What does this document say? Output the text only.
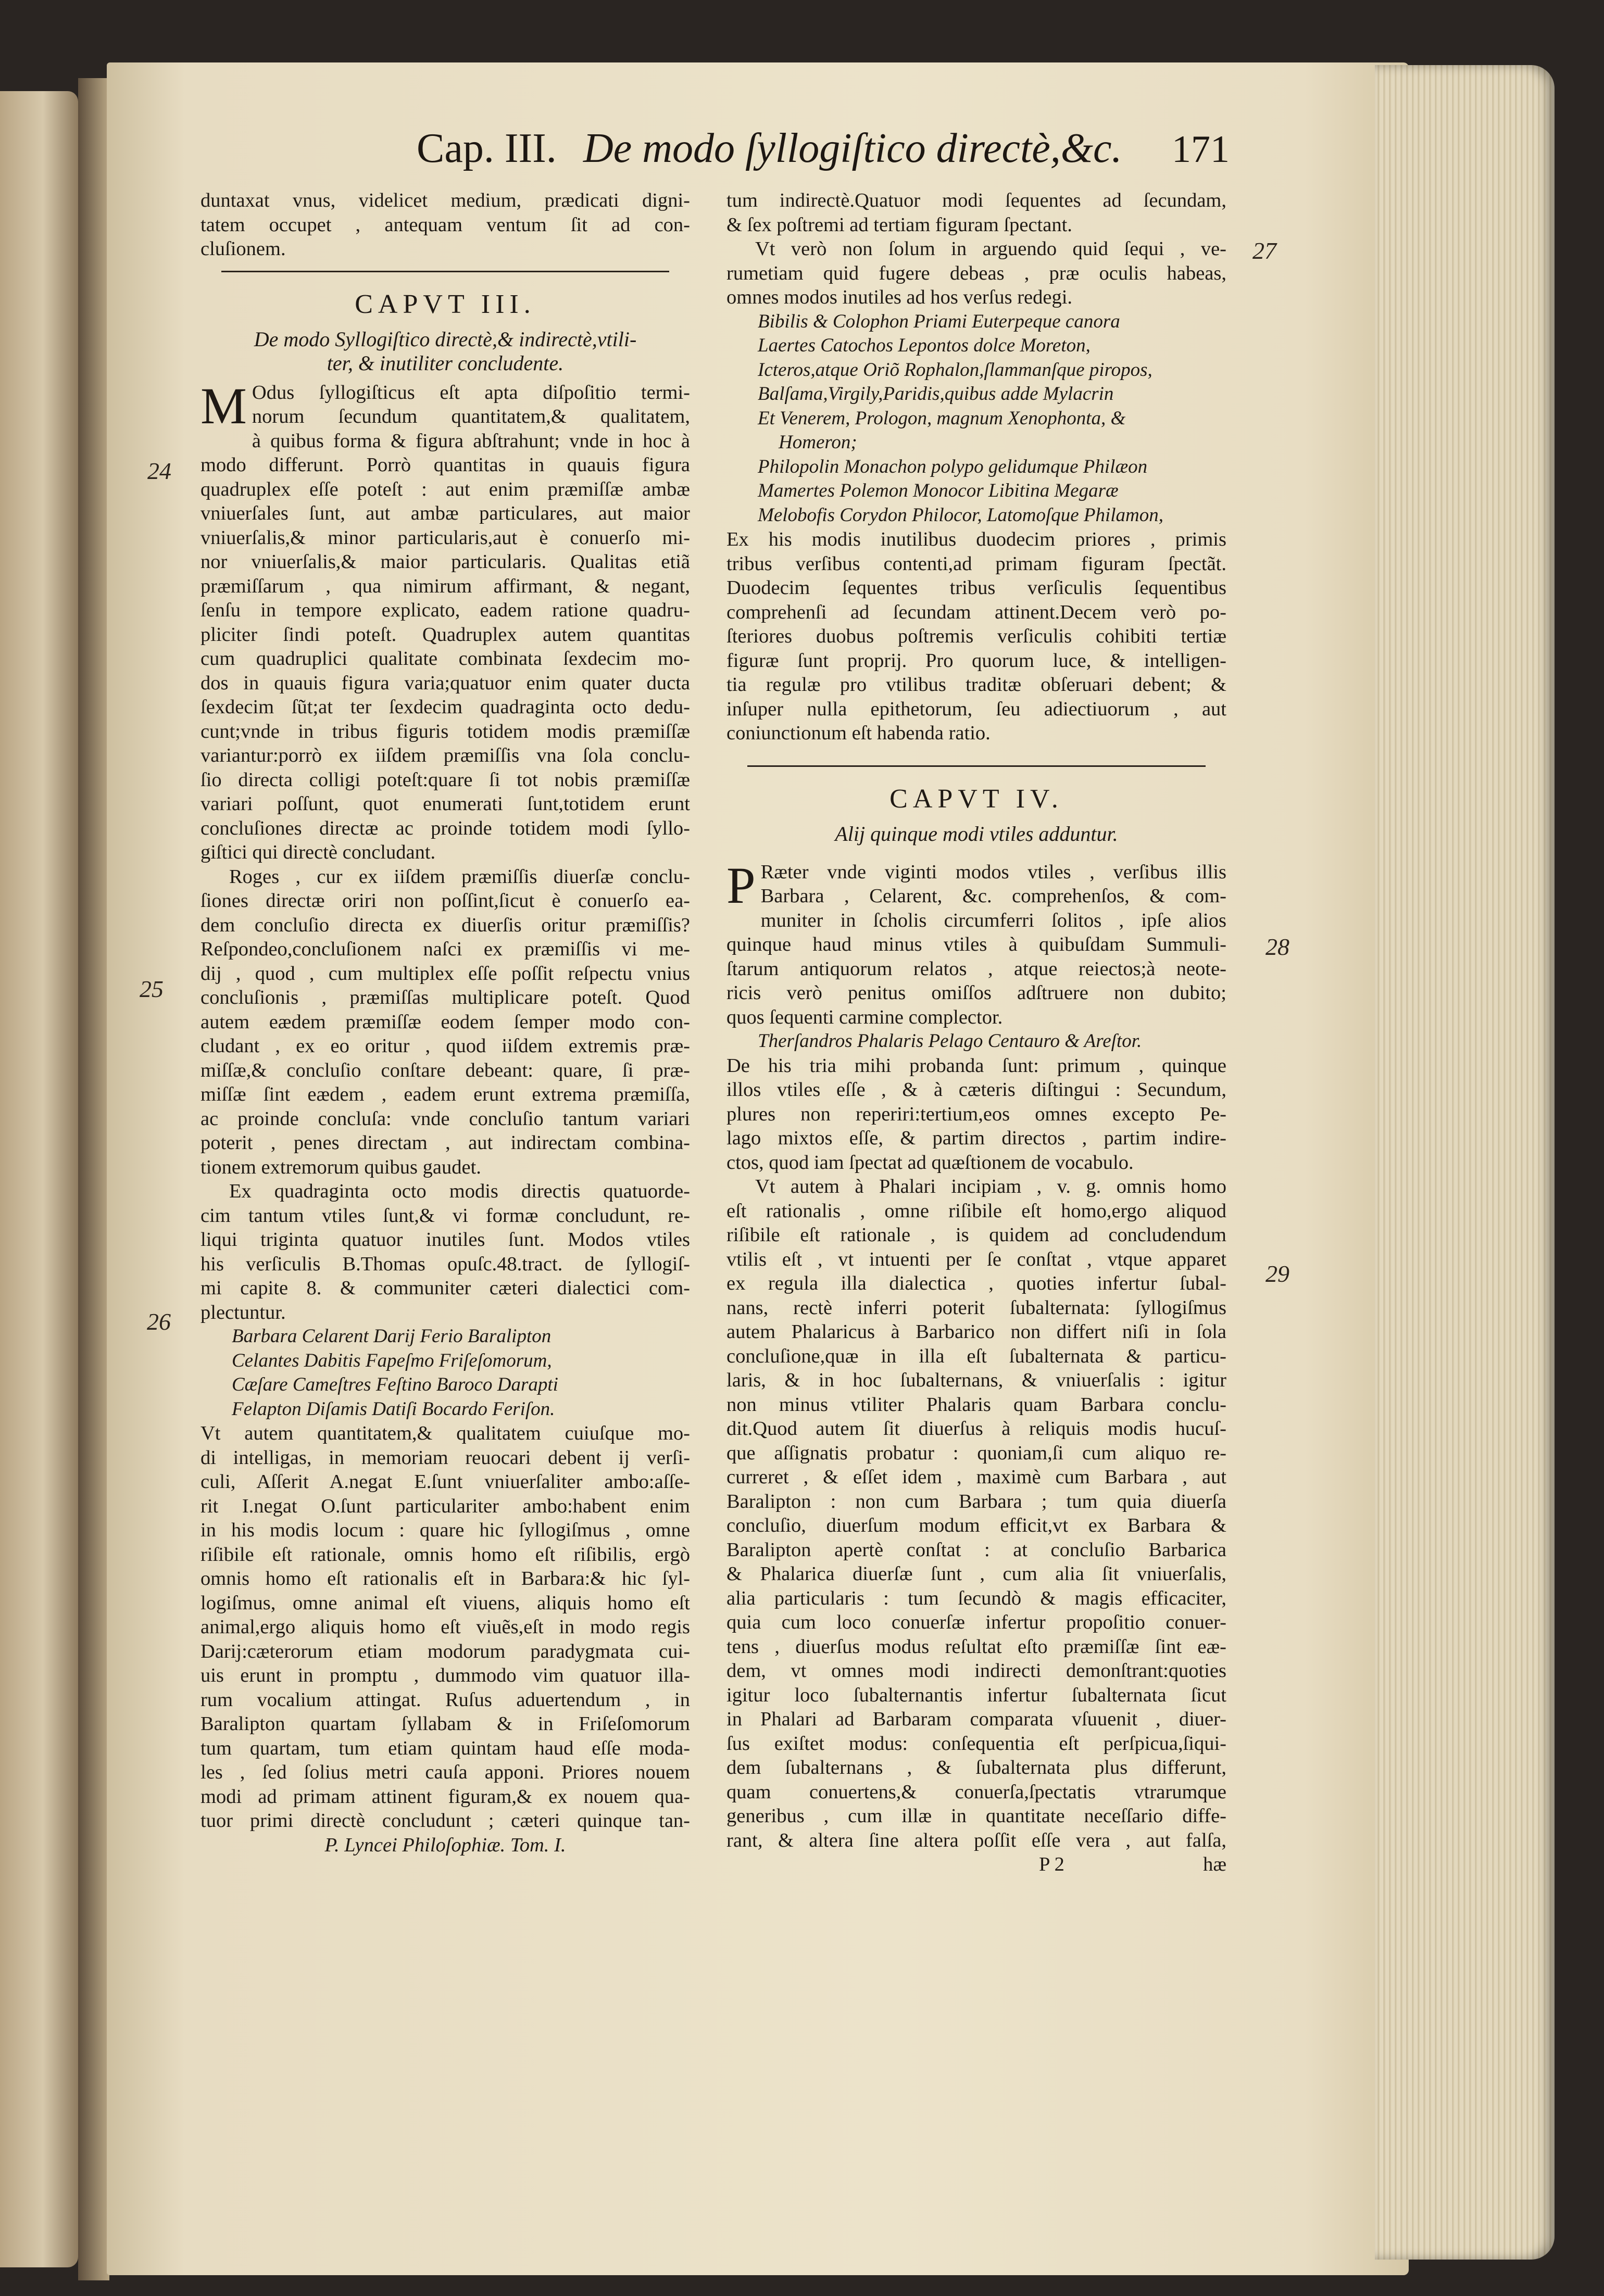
Cap. III. De modo ſyllogiſtico directè,&c. 171
24
25
26
27
28
29
duntaxat vnus, videlicet medium, prædicati digni-
tatem occupet , antequam ventum ſit ad con-
cluſionem.
CAPVT III.
De modo Syllogiſtico directè,& indirectè,vtili-
ter, & inutiliter concludente.
M Odus ſyllogiſticus eſt apta diſpoſitio termi-
norum ſecundum quantitatem,& qualitatem,
à quibus forma & figura abſtrahunt; vnde in hoc à
modo differunt. Porrò quantitas in quauis figura
quadruplex eſſe poteſt : aut enim præmiſſæ ambæ
vniuerſales ſunt, aut ambæ particulares, aut maior
vniuerſalis,& minor particularis,aut è conuerſo mi-
nor vniuerſalis,& maior particularis. Qualitas etiã
præmiſſarum , qua nimirum affirmant, & negant,
ſenſu in tempore explicato, eadem ratione quadru-
pliciter ſindi poteſt. Quadruplex autem quantitas
cum quadruplici qualitate combinata ſexdecim mo-
dos in quauis figura varia;quatuor enim quater ducta
ſexdecim ſũt;at ter ſexdecim quadraginta octo dedu-
cunt;vnde in tribus figuris totidem modis præmiſſæ
variantur:porrò ex iiſdem præmiſſis vna ſola conclu-
ſio directa colligi poteſt:quare ſi tot nobis præmiſſæ
variari poſſunt, quot enumerati ſunt,totidem erunt
concluſiones directæ ac proinde totidem modi ſyllo-
giſtici qui directè concludant.
Roges , cur ex iiſdem præmiſſis diuerſæ conclu-
ſiones directæ oriri non poſſint,ſicut è conuerſo ea-
dem concluſio directa ex diuerſis oritur præmiſſis?
Reſpondeo,concluſionem naſci ex præmiſſis vi me-
dij , quod , cum multiplex eſſe poſſit reſpectu vnius
concluſionis , præmiſſas multiplicare poteſt. Quod
autem eædem præmiſſæ eodem ſemper modo con-
cludant , ex eo oritur , quod iiſdem extremis præ-
miſſæ,& concluſio conſtare debeant: quare, ſi præ-
miſſæ ſint eædem , eadem erunt extrema præmiſſa,
ac proinde concluſa: vnde concluſio tantum variari
poterit , penes directam , aut indirectam combina-
tionem extremorum quibus gaudet.
Ex quadraginta octo modis directis quatuorde-
cim tantum vtiles ſunt,& vi formæ concludunt, re-
liqui triginta quatuor inutiles ſunt. Modos vtiles
his verſiculis B.Thomas opuſc.48.tract. de ſyllogiſ-
mi capite 8. & communiter cæteri dialectici com-
plectuntur.
Barbara Celarent Darij Ferio Baralipton
Celantes Dabitis Fapeſmo Friſeſomorum,
Cæſare Cameſtres Feſtino Baroco Darapti
Felapton Diſamis Datiſi Bocardo Feriſon.
Vt autem quantitatem,& qualitatem cuiuſque mo-
di intelligas, in memoriam reuocari debent ij verſi-
culi, Aſſerit A.negat E.ſunt vniuerſaliter ambo:aſſe-
rit I.negat O.ſunt particulariter ambo:habent enim
in his modis locum : quare hic ſyllogiſmus , omne
riſibile eſt rationale, omnis homo eſt riſibilis, ergò
omnis homo eſt rationalis eſt in Barbara:& hic ſyl-
logiſmus, omne animal eſt viuens, aliquis homo eſt
animal,ergo aliquis homo eſt viuẽs,eſt in modo regis
Darij:cæterorum etiam modorum paradygmata cui-
uis erunt in promptu , dummodo vim quatuor illa-
rum vocalium attingat. Ruſus aduertendum , in
Baralipton quartam ſyllabam & in Friſeſomorum
tum quartam, tum etiam quintam haud eſſe moda-
les , ſed ſolius metri cauſa apponi. Priores nouem
modi ad primam attinent figuram,& ex nouem qua-
tuor primi directè concludunt ; cæteri quinque tan-
P. Lyncei Philoſophiæ. Tom. I.
tum indirectè.Quatuor modi ſequentes ad ſecundam,
& ſex poſtremi ad tertiam figuram ſpectant.
Vt verò non ſolum in arguendo quid ſequi , ve-
rumetiam quid fugere debeas , præ oculis habeas,
omnes modos inutiles ad hos verſus redegi.
Bibilis & Colophon Priami Euterpeque canora
Laertes Catochos Lepontos dolce Moreton,
Icteros,atque Oriõ Rophalon,ſlammanſque piropos,
Balſama,Virgily,Paridis,quibus adde Mylacrin
Et Venerem, Prologon, magnum Xenophonta, &
Homeron;
Philopolin Monachon polypo gelidumque Philæon
Mamertes Polemon Monocor Libitina Megaræ
Melobofis Corydon Philocor, Latomoſque Philamon,
Ex his modis inutilibus duodecim priores , primis
tribus verſibus contenti,ad primam figuram ſpectãt.
Duodecim ſequentes tribus verſiculis ſequentibus
comprehenſi ad ſecundam attinent.Decem verò po-
ſteriores duobus poſtremis verſiculis cohibiti tertiæ
figuræ ſunt proprij. Pro quorum luce, & intelligen-
tia regulæ pro vtilibus traditæ obſeruari debent; &
inſuper nulla epithetorum, ſeu adiectiuorum , aut
coniunctionum eſt habenda ratio.
CAPVT IV.
Alij quinque modi vtiles adduntur.
P Ræter vnde viginti modos vtiles , verſibus illis
Barbara , Celarent, &c. comprehenſos, & com-
muniter in ſcholis circumferri ſolitos , ipſe alios
quinque haud minus vtiles à quibuſdam Summuli-
ſtarum antiquorum relatos , atque reiectos;à neote-
ricis verò penitus omiſſos adſtruere non dubito;
quos ſequenti carmine complector.
Therſandros Phalaris Pelago Centauro & Areſtor.
De his tria mihi probanda ſunt: primum , quinque
illos vtiles eſſe , & à cæteris diſtingui : Secundum,
plures non reperiri:tertium,eos omnes excepto Pe-
lago mixtos eſſe, & partim directos , partim indire-
ctos, quod iam ſpectat ad quæſtionem de vocabulo.
Vt autem à Phalari incipiam , v. g. omnis homo
eſt rationalis , omne riſibile eſt homo,ergo aliquod
riſibile eſt rationale , is quidem ad concludendum
vtilis eſt , vt intuenti per ſe conſtat , vtque apparet
ex regula illa dialectica , quoties infertur ſubal-
nans, rectè inferri poterit ſubalternata: ſyllogiſmus
autem Phalaricus à Barbarico non differt niſi in ſola
concluſione,quæ in illa eſt ſubalternata & particu-
laris, & in hoc ſubalternans, & vniuerſalis : igitur
non minus vtiliter Phalaris quam Barbara conclu-
dit.Quod autem ſit diuerſus à reliquis modis hucuſ-
que aſſignatis probatur : quoniam,ſi cum aliquo re-
curreret , & eſſet idem , maximè cum Barbara , aut
Baralipton : non cum Barbara ; tum quia diuerſa
concluſio, diuerſum modum efficit,vt ex Barbara &
Baralipton apertè conſtat : at concluſio Barbarica
& Phalarica diuerſæ ſunt , cum alia ſit vniuerſalis,
alia particularis : tum ſecundò & magis efficaciter,
quia cum loco conuerſæ infertur propoſitio conuer-
tens , diuerſus modus reſultat eſto præmiſſæ ſint eæ-
dem, vt omnes modi indirecti demonſtrant:quoties
igitur loco ſubalternantis infertur ſubalternata ſicut
in Phalari ad Barbaram comparata vſuuenit , diuer-
ſus exiſtet modus: conſequentia eſt perſpicua,ſiqui-
dem ſubalternans , & ſubalternata plus differunt,
quam conuertens,& conuerſa,ſpectatis vtrarumque
generibus , cum illæ in quantitate neceſſario diffe-
rant, & altera ſine altera poſſit eſſe vera , aut falſa,
P 2	hæ
